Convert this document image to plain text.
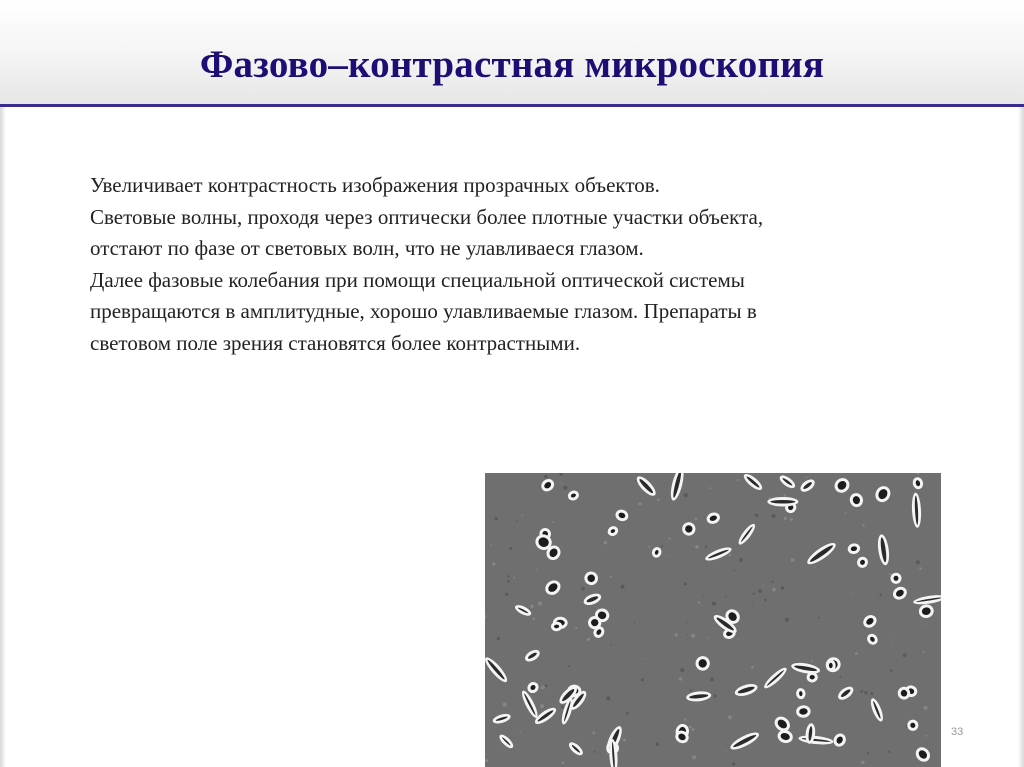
Фазово–контрастная микроскопия

Увеличивает контрастность изображения прозрачных объектов.

Световые волны, проходя через оптически более плотные участки объекта, отстают по фазе от световых волн, что не улавливаеся глазом.

Далее фазовые колебания при помощи специальной оптической системы превращаются в амплитудные, хорошо улавливаемые глазом. Препараты в световом поле зрения становятся более контрастными.

33
